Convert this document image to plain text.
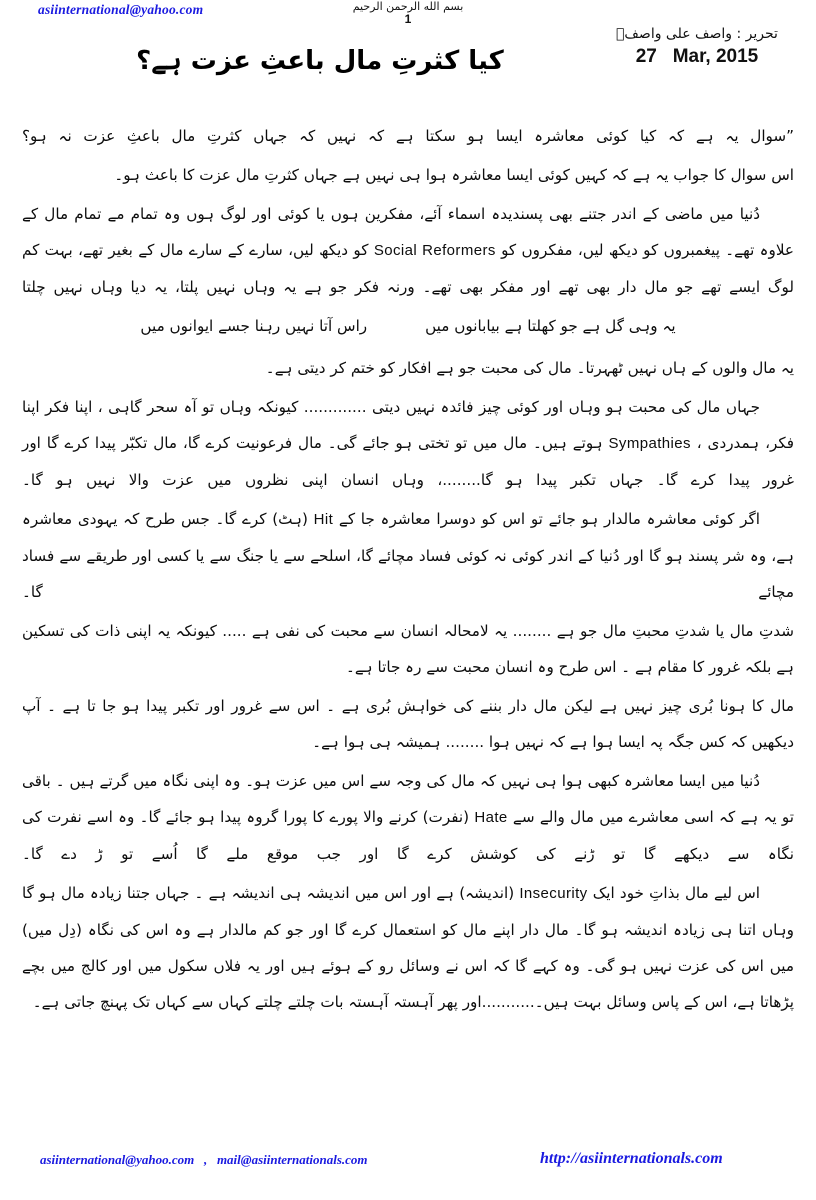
asiinternational@yahoo.com	بسم الله الرحمن الرحيم
1
تحریر : واصف علی واصفؒ
27   Mar, 2015
کیا کثرتِ مال باعثِ عزت ہے؟

”سوال یہ ہے کہ کیا کوئی معاشرہ ایسا ہو سکتا ہے کہ نہیں کہ جہاں کثرتِ مال باعثِ عزت نہ ہو؟

اس سوال کا جواب یہ ہے کہ کہیں کوئی ایسا معاشرہ ہوا ہی نہیں ہے جہاں کثرتِ مال عزت کا باعث ہو۔

دُنیا میں ماضی کے اندر جتنے بھی پسندیدہ اسماء آئے، مفکرین ہوں یا کوئی اور لوگ ہوں وہ تمام مے تمام مال کے علاوہ تھے۔ پیغمبروں کو دیکھ لیں، مفکروں کو Social Reformers کو دیکھ لیں، سارے کے سارے مال کے بغیر تھے، بہت کم لوگ ایسے تھے جو مال دار بھی تھے اور مفکر بھی تھے۔ ورنہ فکر جو ہے یہ وہاں نہیں پلتا، یہ دیا وہاں نہیں چلتا

یہ وہی گل ہے جو کھلتا ہے بیابانوں میں
راس آتا نہیں رہنا جسے ایوانوں میں

یہ مال والوں کے ہاں نہیں ٹھہرتا۔ مال کی محبت جو ہے افکار کو ختم کر دیتی ہے۔

جہاں مال کی محبت ہو وہاں اور کوئی چیز فائدہ نہیں دیتی ............. کیونکہ وہاں تو آہ سحر گاہی ، اپنا فکر اپنا فکر، ہمدردی ، Sympathies ہوتے ہیں۔ مال میں تو تختی ہو جائے گی۔ مال فرعونیت کرے گا، مال تکبّر پیدا کرے گا اور غرور پیدا کرے گا۔ جہاں تکبر پیدا ہو گا........، وہاں انسان اپنی نظروں میں عزت والا نہیں ہو گا۔

اگر کوئی معاشرہ مالدار ہو جائے تو اس کو دوسرا معاشرہ جا کے Hit (ہٹ) کرے گا۔ جس طرح کہ یہودی معاشرہ ہے، وہ شر پسند ہو گا اور دُنیا کے اندر کوئی نہ کوئی فساد مچائے گا، اسلحے سے یا جنگ سے یا کسی اور طریقے سے فساد مچائے گا۔

شدتِ مال یا شدتِ محبتِ مال جو ہے ........ یہ لامحالہ انسان سے محبت کی نفی ہے ..... کیونکہ یہ اپنی ذات کی تسکین ہے بلکہ غرور کا مقام ہے ۔ اس طرح وہ انسان محبت سے رہ جاتا ہے۔

مال کا ہونا بُری چیز نہیں ہے لیکن مال دار بننے کی خواہش بُری ہے ۔ اس سے غرور اور تکبر پیدا ہو جا تا ہے ۔ آپ دیکھیں کہ کس جگہ پہ ایسا ہوا ہے کہ نہیں ہوا ........ ہمیشہ ہی ہوا ہے۔

دُنیا میں ایسا معاشرہ کبھی ہوا ہی نہیں کہ مال کی وجہ سے اس میں عزت ہو۔ وہ اپنی نگاہ میں گرتے ہیں ۔ باقی تو یہ ہے کہ اسی معاشرے میں مال والے سے Hate (نفرت) کرنے والا پورے کا پورا گروہ پیدا ہو جائے گا۔ وہ اسے نفرت کی نگاہ سے دیکھے گا تو ڑنے کی کوشش کرے گا اور جب موقع ملے گا اُسے تو ڑ دے گا۔

اس لیے مال بذاتِ خود ایک Insecurity (اندیشہ) ہے اور اس میں اندیشہ ہی اندیشہ ہے ۔ جہاں جتنا زیادہ مال ہو گا وہاں اتنا ہی زیادہ اندیشہ ہو گا۔ مال دار اپنے مال کو استعمال کرے گا اور جو کم مالدار ہے وہ اس کی نگاہ (دِل میں) میں اس کی عزت نہیں ہو گی۔ وہ کہے گا کہ اس نے وسائل رو کے ہوئے ہیں اور یہ فلاں سکول میں اور کالج میں بچے پڑھاتا ہے، اس کے پاس وسائل بہت ہیں۔...........اور پھر آہستہ آہستہ بات چلتے چلتے کہاں سے کہاں تک پہنچ جاتی ہے۔

asiinternational@yahoo.com   ,   mail@asiinternationals.com	http://asiinternationals.com
